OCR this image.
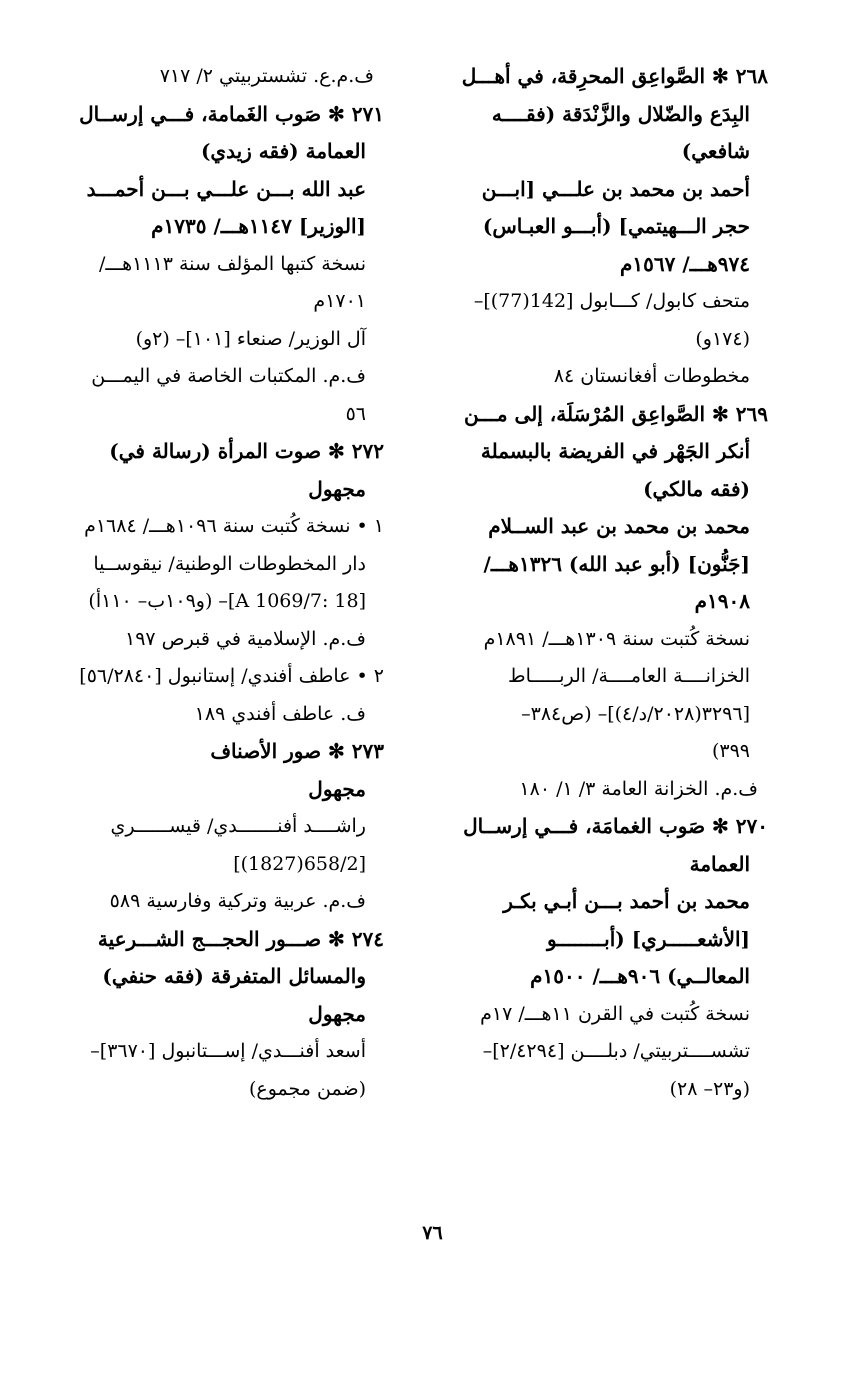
٢٦٨ ✻ الصَّواعِق المحرِقة، في أهـــل
البِدَع والضّلال والزَّنْدَقة (فقــــه
شافعي)
أحمد بن محمد بن علـــي [ابـــن
حجر الـــهيتمي] (أبـــو العبـاس)
٩٧٤هـــ/ ١٥٦٧م
متحف كابول/ كـــابول [142(77)]–
(١٧٤و)
مخطوطات أفغانستان ٨٤
٢٦٩ ✻ الصَّواعِق المُرْسَلَة، إلى مـــن
أنكر الجَهْر في الفريضة بالبسملة
(فقه مالكي)
محمد بن محمد بن عبد الســلام
[جَنُّون] (أبو عبد الله) ١٣٢٦هـــ/
١٩٠٨م
نسخة كُتبت سنة ١٣٠٩هـــ/ ١٨٩١م
الخزانــــة العامــــة/ الربـــــاط
[٣٢٩٦(٢٠٢٨/د/٤)]– (ص٣٨٤–
٣٩٩)
ف.م. الخزانة العامة ٣/ ١/ ١٨٠
٢٧٠ ✻ صَوب الغمامَة، فـــي إرســال
العمامة
محمد بن أحمد بـــن أبـي بكـر
[الأشعـــــري] (أبــــــــو
المعالــي) ٩٠٦هـــ/ ١٥٠٠م
نسخة كُتبت في القرن ١١هـــ/ ١٧م
تشســــتربيتي/ دبلــــن [٢/٤٢٩٤]–
(و٢٣– ٢٨)
ف.م.ع. تشستربيتي ٢/ ٧١٧
٢٧١ ✻ صَوب الغَمامة، فـــي إرســال
العمامة (فقه زيدي)
عبد الله بـــن علـــي بـــن أحمـــد
[الوزير] ١١٤٧هـــ/ ١٧٣٥م
نسخة كتبها المؤلف سنة ١١١٣هـــ/
١٧٠١م
آل الوزير/ صنعاء [١٠١]– (٢و)
ف.م. المكتبات الخاصة في اليمـــن
٥٦
٢٧٢ ✻ صوت المرأة (رسالة في)
مجهول
١ • نسخة كُتبت سنة ١٠٩٦هـــ/ ١٦٨٤م
دار المخطوطات الوطنية/ نيقوســيا
[A 1069/7: 18]– (و١٠٩ب– ١١٠أ)
ف.م. الإسلامية في قبرص ١٩٧
٢ • عاطف أفندي/ إستانبول [٥٦/٢٨٤٠]
ف. عاطف أفندي ١٨٩
٢٧٣ ✻ صور الأصناف
مجهول
راشــــد أفنـــــــدي/ قيســــــري
[658/2(1827)]
ف.م. عربية وتركية وفارسية ٥٨٩
٢٧٤ ✻ صـــور الحجـــج الشـــرعية
والمسائل المتفرقة (فقه حنفي)
مجهول
أسعد أفنـــدي/ إســـتانبول [٣٦٧٠]–
(ضمن مجموع)
٧٦
